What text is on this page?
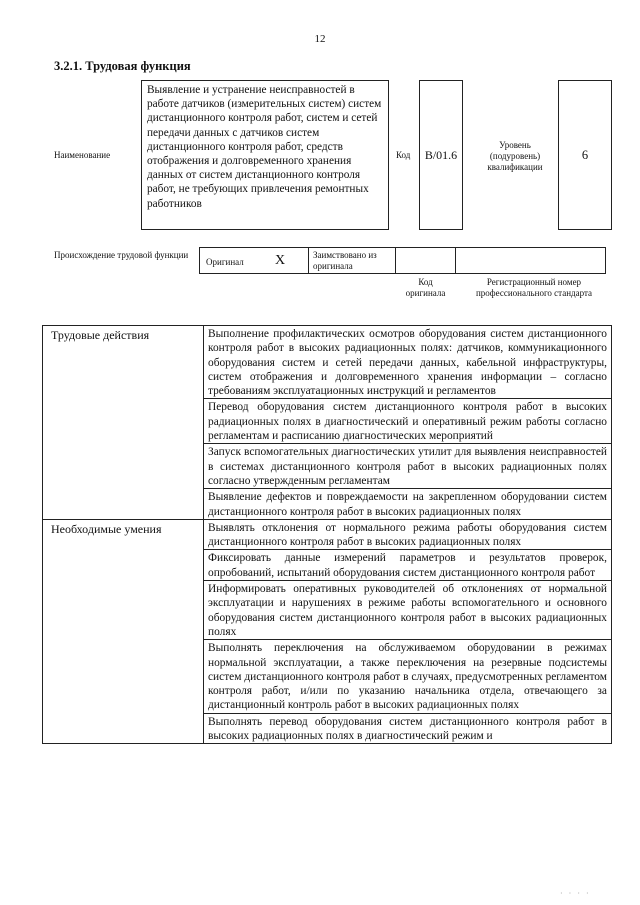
12
3.2.1. Трудовая функция
Наименование
Выявление и устранение неисправностей в работе датчиков (измерительных систем) систем дистанционного контроля работ, систем и сетей передачи данных с датчиков систем дистанционного контроля работ, средств отображения и долговременного хранения данных от систем дистанционного контроля работ, не требующих привлечения ремонтных работников
Код B/01.6
Уровень (подуровень) квалификации
6
Происхождение трудовой функции
Оригинал X	Заимствовано из оригинала
Код оригинала
Регистрационный номер профессионального стандарта
Трудовые действия	Выполнение профилактических осмотров оборудования систем дистанционного контроля работ в высоких радиационных полях: датчиков, коммуникационного оборудования систем и сетей передачи данных, кабельной инфраструктуры, систем отображения и долговременного хранения информации – согласно требованиям эксплуатационных инструкций и регламентов
	Перевод оборудования систем дистанционного контроля работ в высоких радиационных полях в диагностический и оперативный режим работы согласно регламентам и расписанию диагностических мероприятий
	Запуск вспомогательных диагностических утилит для выявления неисправностей в системах дистанционного контроля работ в высоких радиационных полях согласно утвержденным регламентам
	Выявление дефектов и повреждаемости на закрепленном оборудовании систем дистанционного контроля работ в высоких радиационных полях
Необходимые умения	Выявлять отклонения от нормального режима работы оборудования систем дистанционного контроля работ в высоких радиационных полях
	Фиксировать данные измерений параметров и результатов проверок, опробований, испытаний оборудования систем дистанционного контроля работ
	Информировать оперативных руководителей об отклонениях от нормальной эксплуатации и нарушениях в режиме работы вспомогательного и основного оборудования систем дистанционного контроля работ в высоких радиационных полях
	Выполнять переключения на обслуживаемом оборудовании в режимах нормальной эксплуатации, а также переключения на резервные подсистемы систем дистанционного контроля работ в случаях, предусмотренных регламентом контроля работ, и/или по указанию начальника отдела, отвечающего за дистанционный контроль работ в высоких радиационных полях
	Выполнять перевод оборудования систем дистанционного контроля работ в высоких радиационных полях в диагностический режим и
· · · ·
